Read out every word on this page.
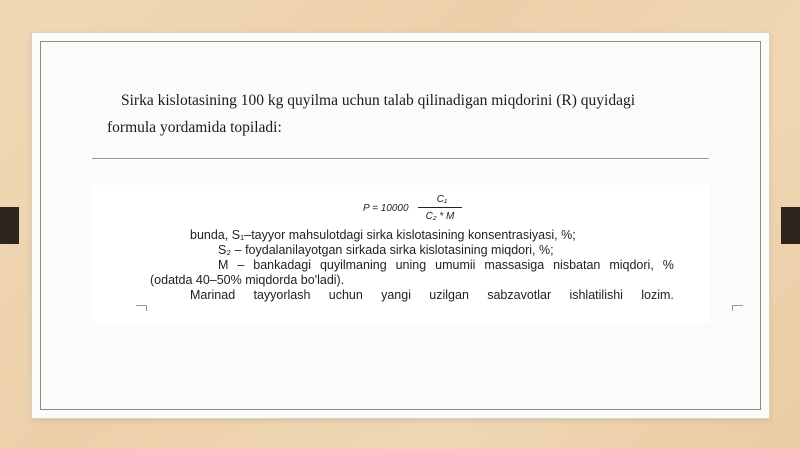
Sirka kislotasining 100 kg quyilma uchun talab qilinadigan miqdorini (R) quyidagi
formula yordamida topiladi:
P = 10000
C₁
C₂ * M
bunda, S₁–tayyor mahsulotdagi sirka kislotasining konsentrasiyasi, %;
S₂ – foydalanilayotgan sirkada sirka kislotasining miqdori, %;
M – bankadagi quyilmaning uning umumii massasiga nisbatan miqdori, %
(odatda 40–50% miqdorda bo'ladi).
Marinad tayyorlash uchun yangi uzilgan sabzavotlar ishlatilishi lozim.
